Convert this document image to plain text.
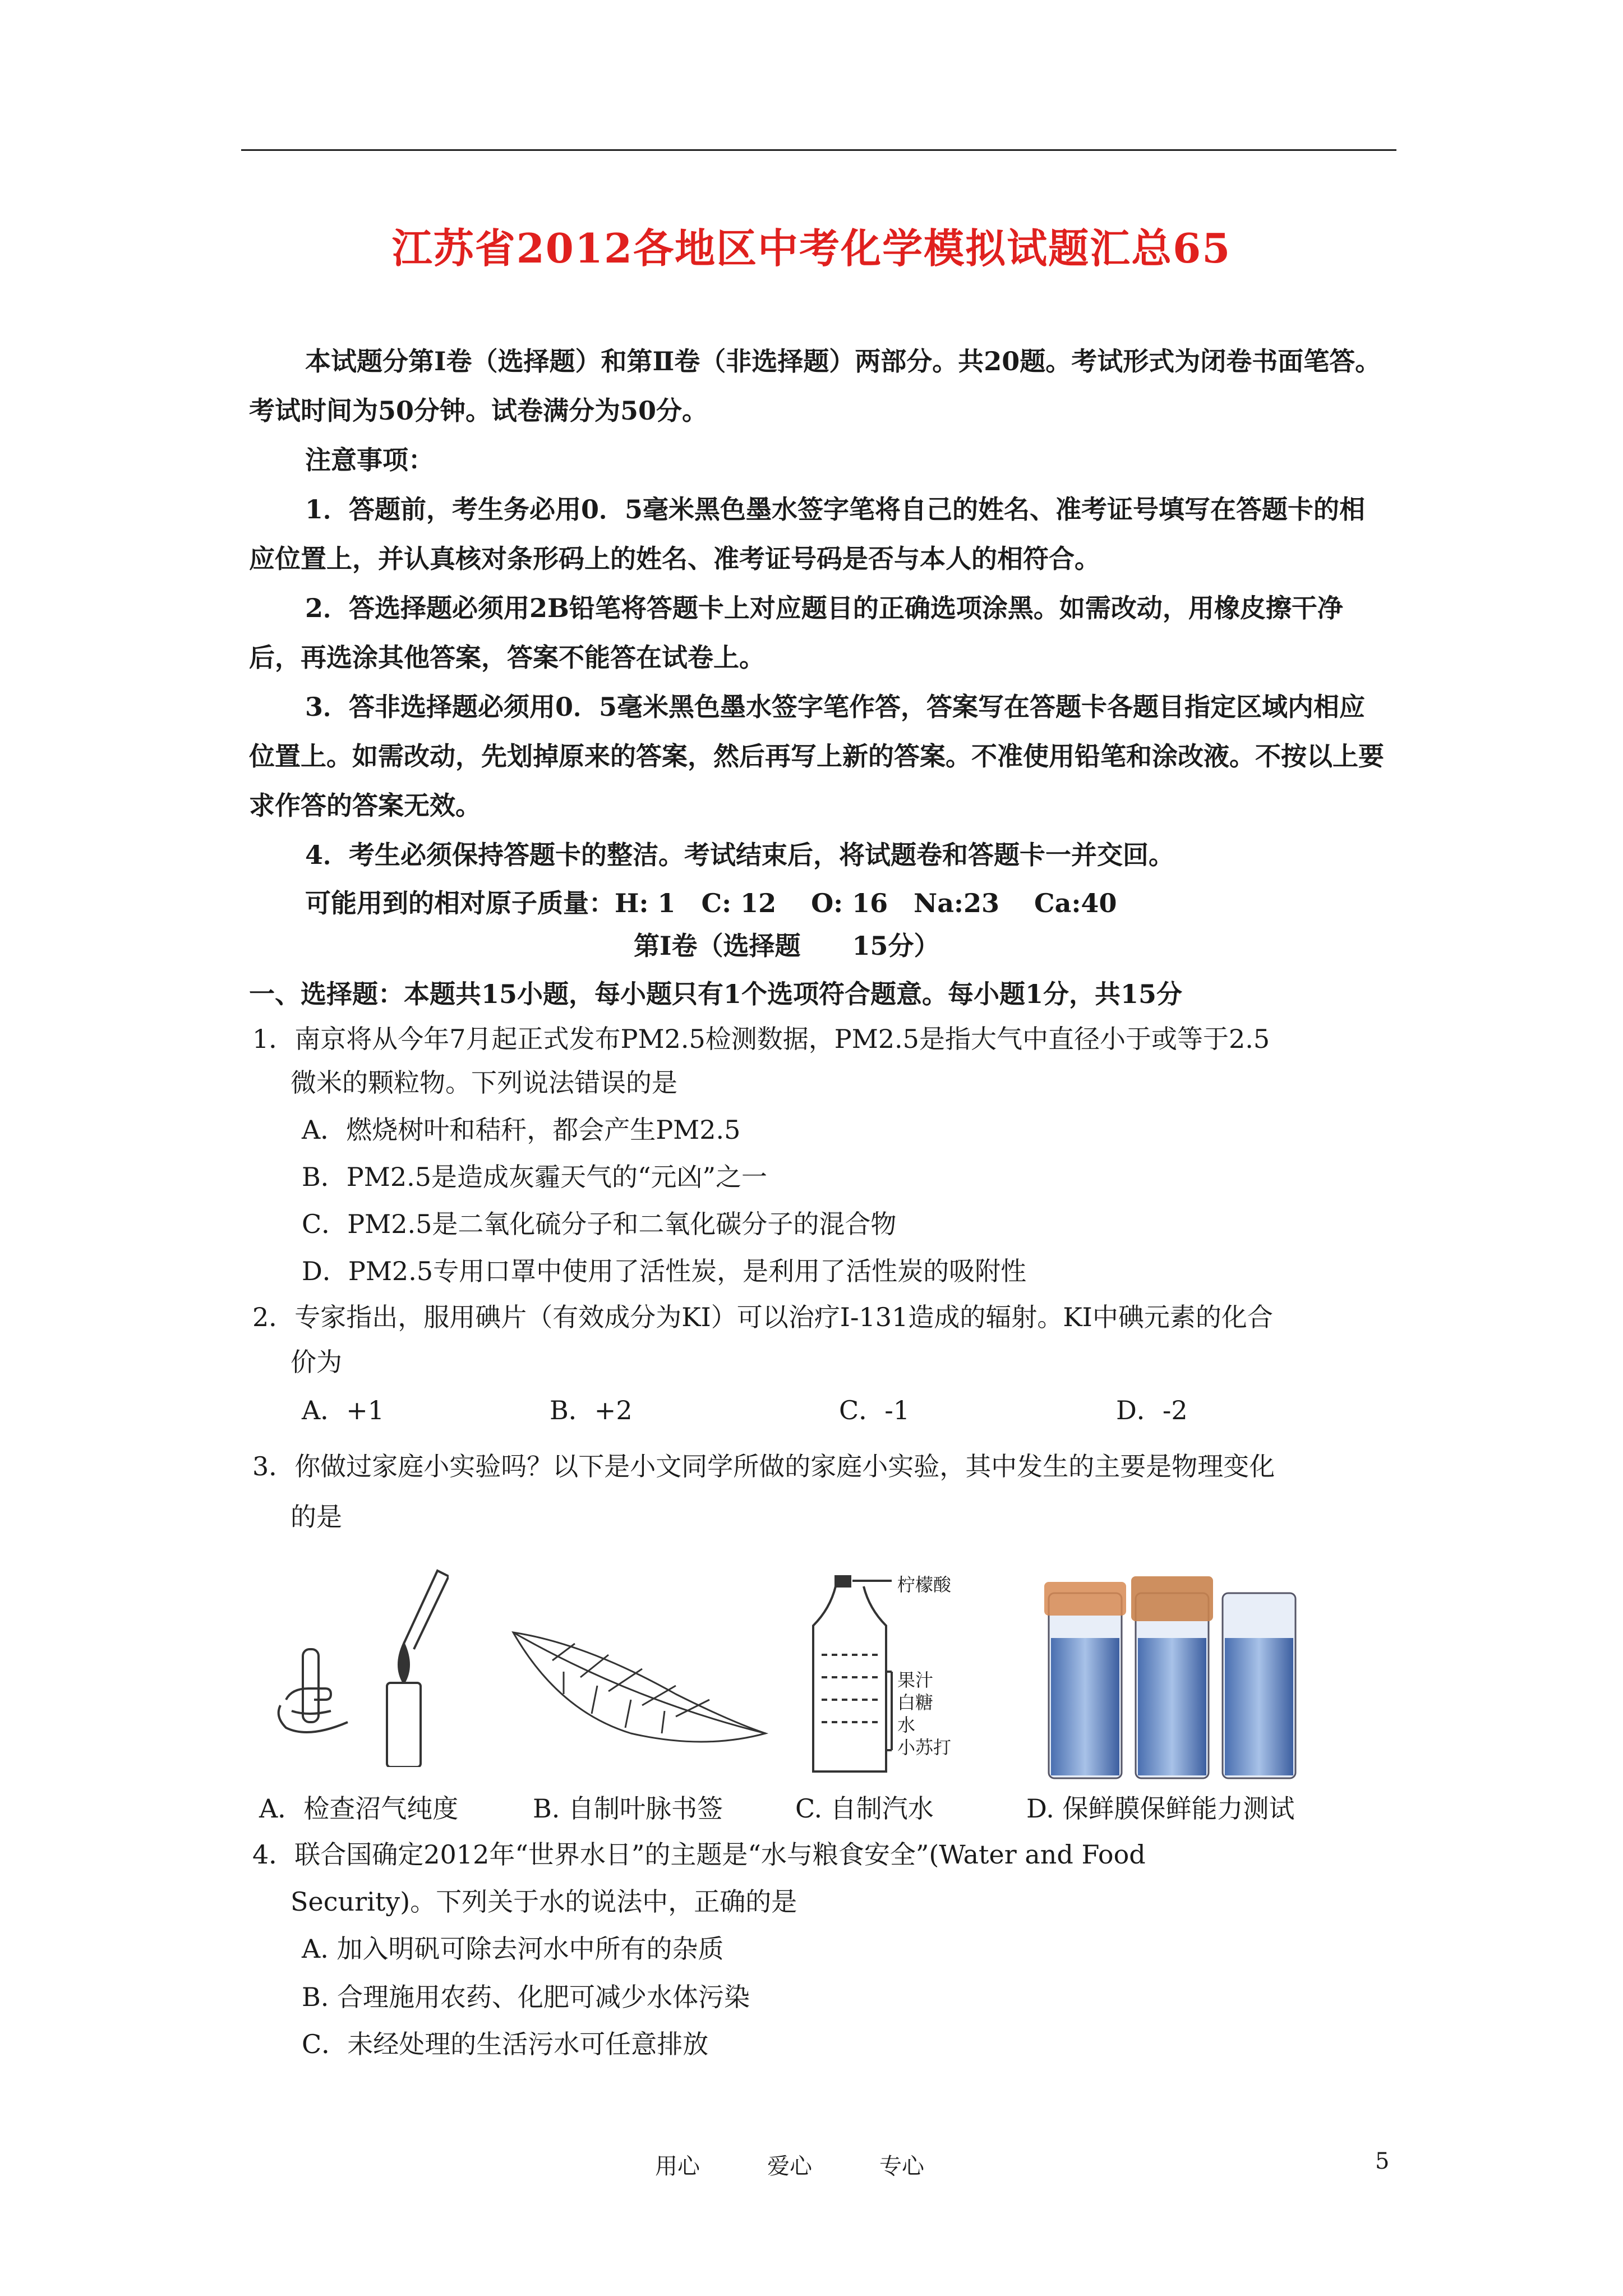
江苏省2012各地区中考化学模拟试题汇总65
本试题分第Ⅰ卷（选择题）和第Ⅱ卷（非选择题）两部分。共20题。考试形式为闭卷书面笔答。考试时间为50分钟。试卷满分为50分。
注意事项：
1．答题前，考生务必用0．5毫米黑色墨水签字笔将自己的姓名、准考证号填写在答题卡的相应位置上，并认真核对条形码上的姓名、准考证号码是否与本人的相符合。
2．答选择题必须用2B铅笔将答题卡上对应题目的正确选项涂黑。如需改动，用橡皮擦干净后，再选涂其他答案，答案不能答在试卷上。
3．答非选择题必须用0．5毫米黑色墨水签字笔作答，答案写在答题卡各题目指定区域内相应位置上。如需改动，先划掉原来的答案，然后再写上新的答案。不准使用铅笔和涂改液。不按以上要求作答的答案无效。
4．考生必须保持答题卡的整洁。考试结束后，将试题卷和答题卡一并交回。
可能用到的相对原子质量：H: 1　C: 12　 O: 16　Na:23　 Ca:40
第Ⅰ卷（选择题　　15分）
一、选择题：本题共15小题，每小题只有1个选项符合题意。每小题1分，共15分
1．南京将从今年7月起正式发布PM2.5检测数据，PM2.5是指大气中直径小于或等于2.5
微米的颗粒物。下列说法错误的是
A．燃烧树叶和秸秆，都会产生PM2.5
B．PM2.5是造成灰霾天气的“元凶”之一
C．PM2.5是二氧化硫分子和二氧化碳分子的混合物
D．PM2.5专用口罩中使用了活性炭，是利用了活性炭的吸附性
2．专家指出，服用碘片（有效成分为KI）可以治疗I-131造成的辐射。KI中碘元素的化合
价为
A．+1	B．+2	C．-1	D．-2
3．你做过家庭小实验吗？以下是小文同学所做的家庭小实验，其中发生的主要是物理变化
的是
柠檬酸
果汁
白糖
水
小苏打
A．检查沼气纯度	B. 自制叶脉书签	C. 自制汽水	D. 保鲜膜保鲜能力测试
4．联合国确定2012年“世界水日”的主题是“水与粮食安全”(Water and Food
Security)。下列关于水的说法中，正确的是
A. 加入明矾可除去河水中所有的杂质
B. 合理施用农药、化肥可减少水体污染
C．未经处理的生活污水可任意排放
用心	爱心	专心	5
